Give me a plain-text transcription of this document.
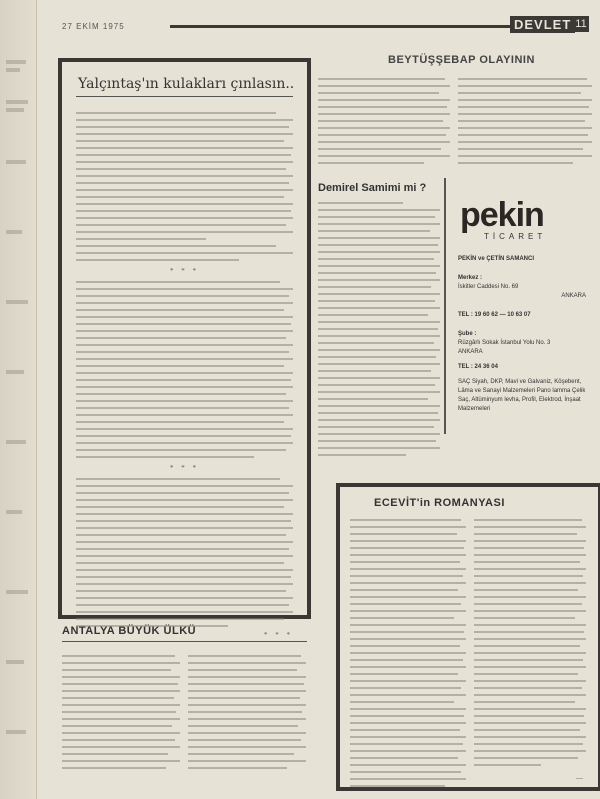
27 EKİM 1975	DEVLET 11
Yalçıntaş'ın kulakları çınlasın..
* * *
* * *
* * *
ANTALYA BÜYÜK ÜLKÜ
BEYTÜŞŞEBAP OLAYININ
Demirel Samimi mi ?
pekin
TİCARET
PEKİN ve ÇETİN SAMANCI
Merkez :
İskitler Caddesi No. 69
ANKARA
TEL : 19 60 62 — 10 63 07
Şube :
Rüzgârlı Sokak İstanbul Yolu No. 3
ANKARA
TEL : 24 36 04
SAÇ Siyah, DKP, Mavi ve Galvaniz, Köşebent, Lâma ve Sanayi Malzemeleri Pano lamma Çelik Saç, Altüminyum levha, Profil, Elektrod, İnşaat Malzemeleri
ECEVİT'in ROMANYASI
—
